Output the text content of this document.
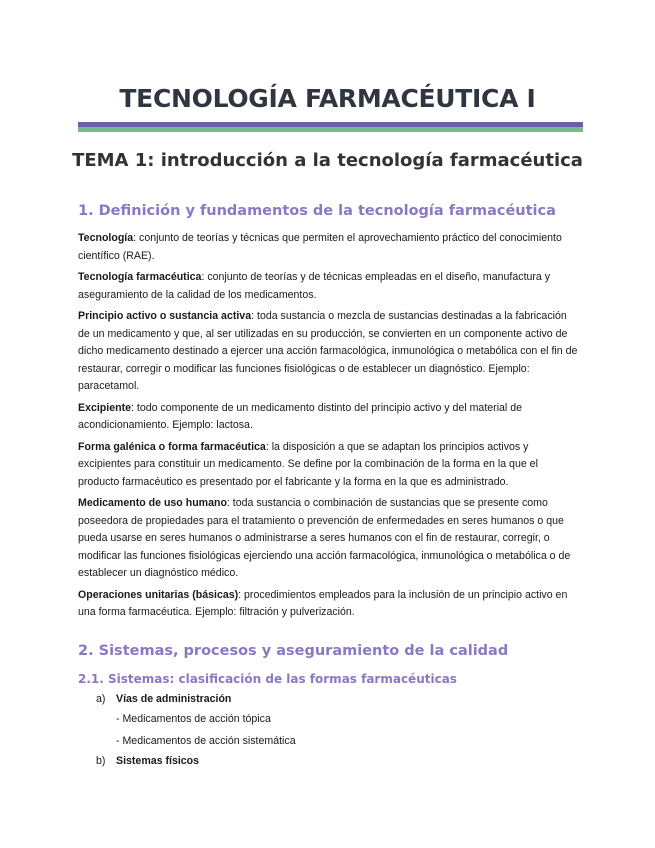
TECNOLOGÍA FARMACÉUTICA I
TEMA 1: introducción a la tecnología farmacéutica
1. Definición y fundamentos de la tecnología farmacéutica

Tecnología: conjunto de teorías y técnicas que permiten el aprovechamiento práctico del conocimiento científico (RAE).

Tecnología farmacéutica: conjunto de teorías y de técnicas empleadas en el diseño, manufactura y aseguramiento de la calidad de los medicamentos.

Principio activo o sustancia activa: toda sustancia o mezcla de sustancias destinadas a la fabricación de un medicamento y que, al ser utilizadas en su producción, se convierten en un componente activo de dicho medicamento destinado a ejercer una acción farmacológica, inmunológica o metabólica con el fin de restaurar, corregir o modificar las funciones fisiológicas o de establecer un diagnóstico. Ejemplo: paracetamol.

Excipiente: todo componente de un medicamento distinto del principio activo y del material de acondicionamiento. Ejemplo: lactosa.

Forma galénica o forma farmacéutica: la disposición a que se adaptan los principios activos y excipientes para constituir un medicamento. Se define por la combinación de la forma en la que el producto farmacéutico es presentado por el fabricante y la forma en la que es administrado.

Medicamento de uso humano: toda sustancia o combinación de sustancias que se presente como poseedora de propiedades para el tratamiento o prevención de enfermedades en seres humanos o que pueda usarse en seres humanos o administrarse a seres humanos con el fin de restaurar, corregir, o modificar las funciones fisiológicas ejerciendo una acción farmacológica, inmunológica o metabólica o de establecer un diagnóstico médico.

Operaciones unitarias (básicas): procedimientos empleados para la inclusión de un principio activo en una forma farmacéutica. Ejemplo: filtración y pulverización.

2. Sistemas, procesos y aseguramiento de la calidad
2.1. Sistemas: clasificación de las formas farmacéuticas
a) Vías de administración
- Medicamentos de acción tópica
- Medicamentos de acción sistemática
b) Sistemas físicos
